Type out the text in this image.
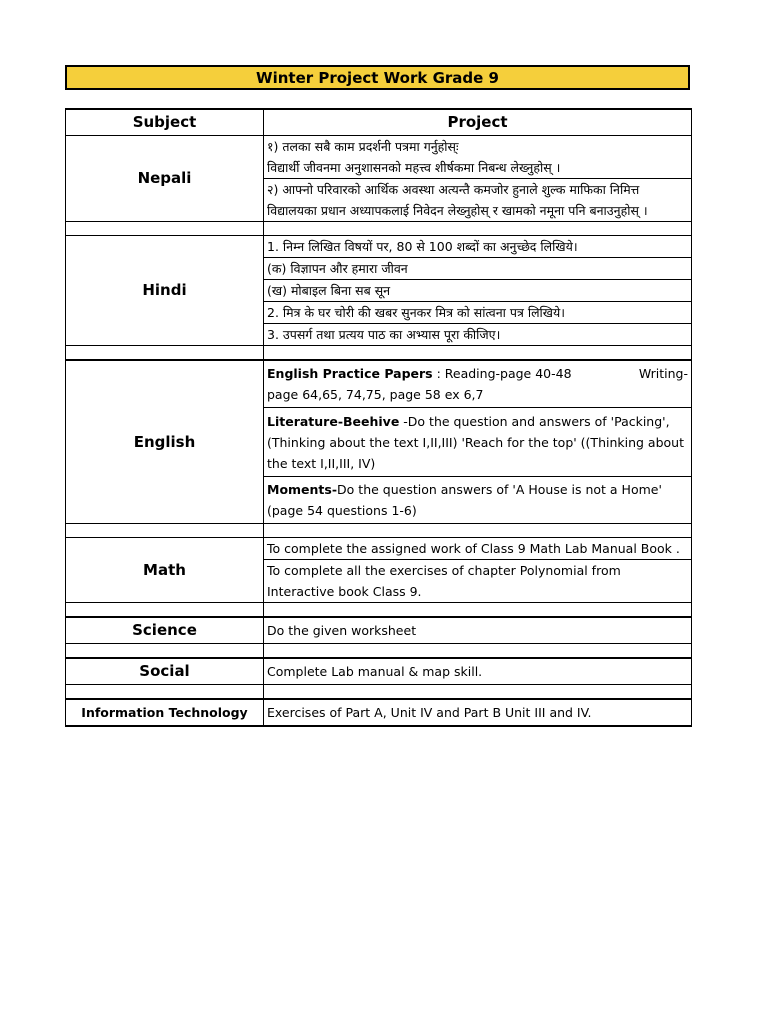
Winter Project Work Grade 9
Subject	Project
Nepali	१) तलका सबै काम प्रदर्शनी पत्रमा गर्नुहाेस्ः
विद्यार्थी जीवनमा अनुशासनको महत्त्व शीर्षकमा निबन्ध लेख्नुहाेस् ।

	२) आफ्नाे परिवारकाे आर्थिक अवस्था अत्यन्तै कमजाेर हुनाले शुल्क माफिका निमित्त विद्यालयका प्रधान अध्यापकलाई निवेदन लेख्नुहाेस् र खामकाे नमूना पनि बनाउनुहाेस् ।

Hindi	1. निम्न लिखित विषयों पर, 80 से 100 शब्दों का अनुच्छेद लिखिये।
	(क) विज्ञापन और हमारा जीवन
	(ख) मोबाइल बिना सब सून
	2. मित्र के घर चोरी की खबर सुनकर मित्र को सांत्वना पत्र लिखिये।
	3. उपसर्ग तथा प्रत्यय पाठ का अभ्यास पूरा कीजिए।

English	English Practice Papers : Reading-page 40-48 Writing-
page 64,65, 74,75, page 58 ex 6,7

	Literature-Beehive -Do the question and answers of 'Packing',(Thinking about the text I,II,III) 'Reach for the top' ((Thinking about the text I,II,III, IV)
	Moments-Do the question answers of 'A House is not a Home' (page 54 questions 1-6)

Math	To complete the assigned work of Class 9 Math Lab Manual Book .
	To complete all the exercises of chapter Polynomial from Interactive book Class 9.

Science	Do the given worksheet

Social	Complete Lab manual & map skill.

Information Technology	Exercises of Part A, Unit IV and Part B Unit III and IV.
